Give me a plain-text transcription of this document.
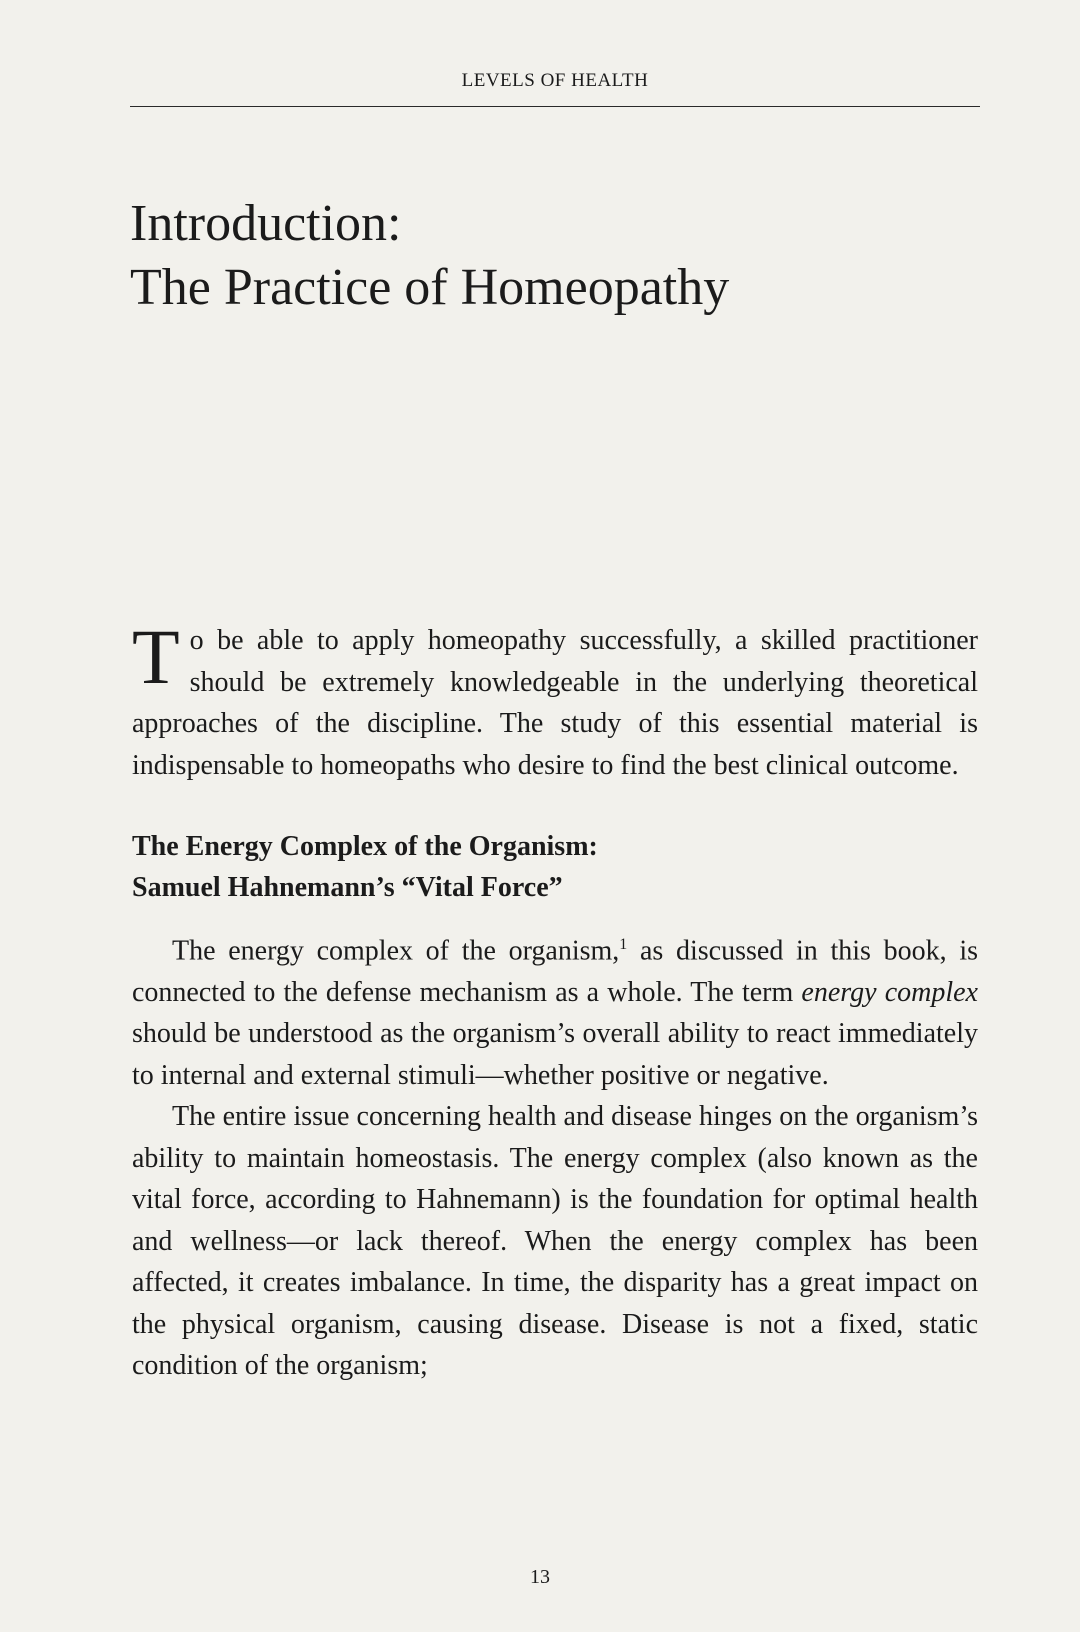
LEVELS OF HEALTH
Introduction:
The Practice of Homeopathy

To be able to apply homeopathy successfully, a skilled practitioner should be extremely knowledgeable in the underlying theoretical approaches of the discipline. The study of this essential material is indispensable to homeopaths who desire to find the best clinical outcome.

The Energy Complex of the Organism:
Samuel Hahnemann’s “Vital Force”

The energy complex of the organism,$^1$ as discussed in this book, is connected to the defense mechanism as a whole. The term energy complex should be understood as the organism’s overall ability to react immediately to internal and external stimuli—whether positive or negative.

The entire issue concerning health and disease hinges on the organism’s ability to maintain homeostasis. The energy complex (also known as the vital force, according to Hahnemann) is the foundation for optimal health and wellness—or lack thereof. When the energy complex has been affected, it creates imbalance. In time, the disparity has a great impact on the physical organism, causing disease. Disease is not a fixed, static condition of the organism;

13
